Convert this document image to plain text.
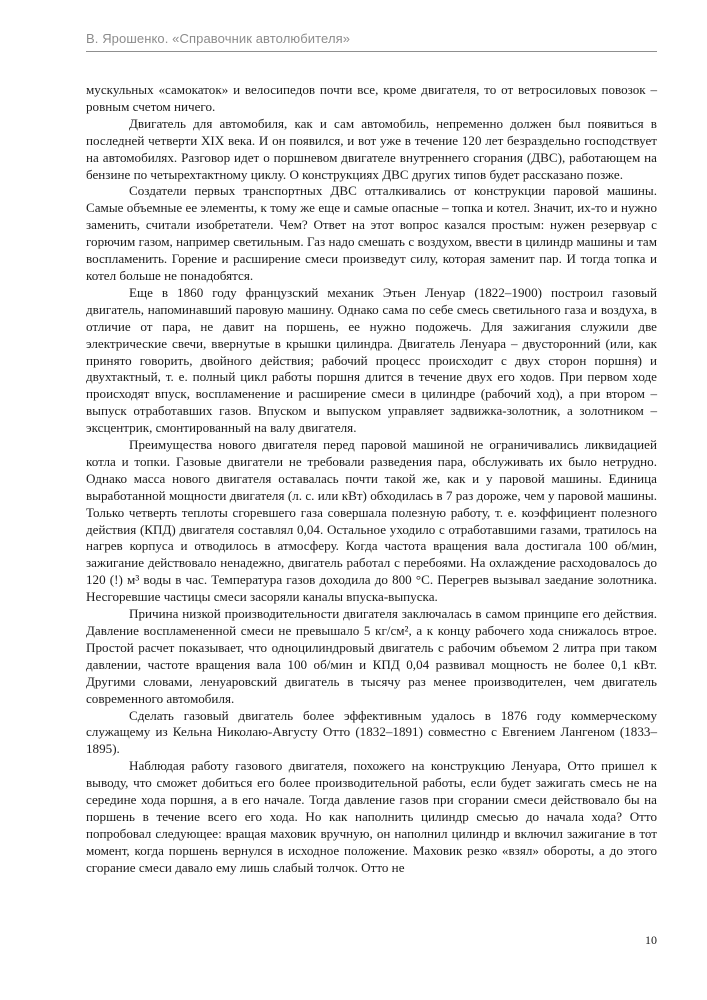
В. Ярошенко. «Справочник автолюбителя»

мускульных «самокаток» и велосипедов почти все, кроме двигателя, то от ветросиловых повозок – ровным счетом ничего.

Двигатель для автомобиля, как и сам автомобиль, непременно должен был появиться в последней четверти XIX века. И он появился, и вот уже в течение 120 лет безраздельно господствует на автомобилях. Разговор идет о поршневом двигателе внутреннего сгорания (ДВС), работающем на бензине по четырехтактному циклу. О конструкциях ДВС других типов будет рассказано позже.

Создатели первых транспортных ДВС отталкивались от конструкции паровой машины. Самые объемные ее элементы, к тому же еще и самые опасные – топка и котел. Значит, их-то и нужно заменить, считали изобретатели. Чем? Ответ на этот вопрос казался простым: нужен резервуар с горючим газом, например светильным. Газ надо смешать с воздухом, ввести в цилиндр машины и там воспламенить. Горение и расширение смеси произведут силу, которая заменит пар. И тогда топка и котел больше не понадобятся.

Еще в 1860 году французский механик Этьен Ленуар (1822–1900) построил газовый двигатель, напоминавший паровую машину. Однако сама по себе смесь светильного газа и воздуха, в отличие от пара, не давит на поршень, ее нужно подожечь. Для зажигания служили две электрические свечи, ввернутые в крышки цилиндра. Двигатель Ленуара – двусторонний (или, как принято говорить, двойного действия; рабочий процесс происходит с двух сторон поршня) и двухтактный, т. е. полный цикл работы поршня длится в течение двух его ходов. При первом ходе происходят впуск, воспламенение и расширение смеси в цилиндре (рабочий ход), а при втором – выпуск отработавших газов. Впуском и выпуском управляет задвижка-золотник, а золотником – эксцентрик, смонтированный на валу двигателя.

Преимущества нового двигателя перед паровой машиной не ограничивались ликвидацией котла и топки. Газовые двигатели не требовали разведения пара, обслуживать их было нетрудно. Однако масса нового двигателя оставалась почти такой же, как и у паровой машины. Единица выработанной мощности двигателя (л. с. или кВт) обходилась в 7 раз дороже, чем у паровой машины. Только четверть теплоты сгоревшего газа совершала полезную работу, т. е. коэффициент полезного действия (КПД) двигателя составлял 0,04. Остальное уходило с отработавшими газами, тратилось на нагрев корпуса и отводилось в атмосферу. Когда частота вращения вала достигала 100 об/мин, зажигание действовало ненадежно, двигатель работал с перебоями. На охлаждение расходовалось до 120 (!) м³ воды в час. Температура газов доходила до 800 °С. Перегрев вызывал заедание золотника. Несгоревшие частицы смеси засоряли каналы впуска-выпуска.

Причина низкой производительности двигателя заключалась в самом принципе его действия. Давление воспламененной смеси не превышало 5 кг/см², а к концу рабочего хода снижалось втрое. Простой расчет показывает, что одноцилиндровый двигатель с рабочим объемом 2 литра при таком давлении, частоте вращения вала 100 об/мин и КПД 0,04 развивал мощность не более 0,1 кВт. Другими словами, ленуаровский двигатель в тысячу раз менее производителен, чем двигатель современного автомобиля.

Сделать газовый двигатель более эффективным удалось в 1876 году коммерческому служащему из Кельна Николаю-Августу Отто (1832–1891) совместно с Евгением Лангеном (1833–1895).

Наблюдая работу газового двигателя, похожего на конструкцию Ленуара, Отто пришел к выводу, что сможет добиться его более производительной работы, если будет зажигать смесь не на середине хода поршня, а в его начале. Тогда давление газов при сгорании смеси действовало бы на поршень в течение всего его хода. Но как наполнить цилиндр смесью до начала хода? Отто попробовал следующее: вращая маховик вручную, он наполнил цилиндр и включил зажигание в тот момент, когда поршень вернулся в исходное положение. Маховик резко «взял» обороты, а до этого сгорание смеси давало ему лишь слабый толчок. Отто не

10
